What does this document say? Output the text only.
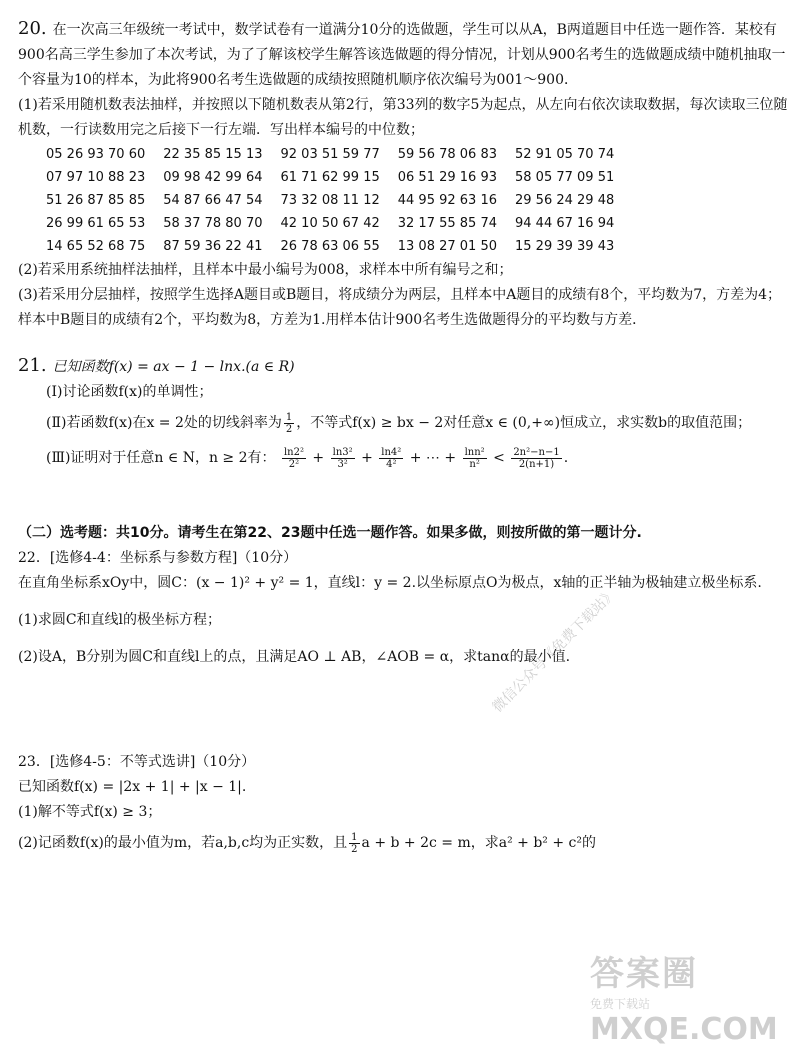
20. 在一次高三年级统一考试中，数学试卷有一道满分10分的选做题，学生可以从A，B两道题目中任选一题作答．某校有900名高三学生参加了本次考试，为了了解该校学生解答该选做题的得分情况，计划从900名考生的选做题成绩中随机抽取一个容量为10的样本，为此将900名考生选做题的成绩按照随机顺序依次编号为001～900．

(1)若采用随机数表法抽样，并按照以下随机数表从第2行，第33列的数字5为起点，从左向右依次读取数据，每次读取三位随机数，一行读数用完之后接下一行左端．写出样本编号的中位数；

05 26 93 70 60 22 35 85 15 13 92 03 51 59 77 59 56 78 06 83 52 91 05 70 74
07 97 10 88 23 09 98 42 99 64 61 71 62 99 15 06 51 29 16 93 58 05 77 09 51
51 26 87 85 85 54 87 66 47 54 73 32 08 11 12 44 95 92 63 16 29 56 24 29 48
26 99 61 65 53 58 37 78 80 70 42 10 50 67 42 32 17 55 85 74 94 44 67 16 94
14 65 52 68 75 87 59 36 22 41 26 78 63 06 55 13 08 27 01 50 15 29 39 39 43

(2)若采用系统抽样法抽样，且样本中最小编号为008，求样本中所有编号之和；

(3)若采用分层抽样，按照学生选择A题目或B题目，将成绩分为两层，且样本中A题目的成绩有8个，平均数为7，方差为4；样本中B题目的成绩有2个，平均数为8，方差为1.用样本估计900名考生选做题得分的平均数与方差．

21. 已知函数f(x) = ax − 1 − lnx.(a ∈ R)

(Ⅰ)讨论函数f(x)的单调性；

(Ⅱ)若函数f(x)在x = 2处的切线斜率为 $\frac{1}{2}$ ，不等式f(x) ≥ bx − 2对任意x ∈ (0,+∞)恒成立，求实数b的取值范围；

(Ⅲ)证明对于任意n ∈ N，n ≥ 2有： $\frac{\text{ln2²}}{\text{2²}} + \frac{\text{ln3²}}{\text{3²}} + \frac{\text{ln4²}}{\text{4²}}$ + ⋯ + $\frac{\text{lnn²}}{\text{n²}} < \frac{\text{2n²−n−1}}{2(n+1)}$ .

（二）选考题：共10分。请考生在第22、23题中任选一题作答。如果多做，则按所做的第一题计分.

22．[选修4-4：坐标系与参数方程]（10分）

在直角坐标系xOy中，圆C：(x − 1)² + y² = 1，直线l：y = 2.以坐标原点O为极点，x轴的正半轴为极轴建立极坐标系.

(1)求圆C和直线l的极坐标方程；

(2)设A，B分别为圆C和直线l上的点，且满足AO ⊥ AB，∠AOB = α，求tanα的最小值.

23．[选修4-5：不等式选讲]（10分）

已知函数f(x) = |2x + 1| + |x − 1|.

(1)解不等式f(x) ≥ 3；

(2)记函数f(x)的最小值为m，若a,b,c均为正实数，且 $\frac{1}{2}$ a + b + 2c = m，求a² + b² + c²的

微信公众号《免费下载站》
答案圈
免费下载站
MXQE.COM
